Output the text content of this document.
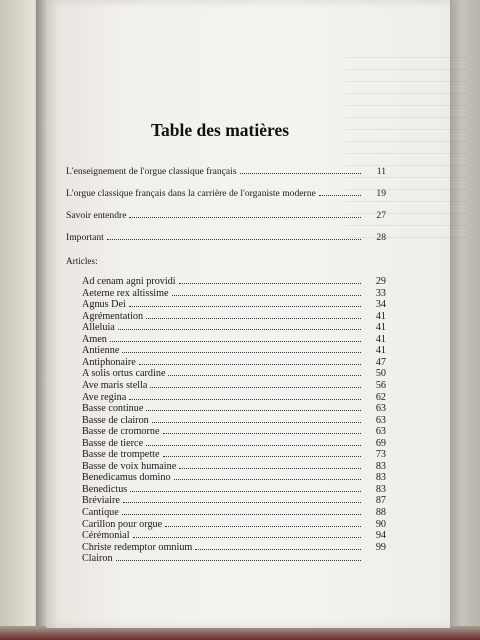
Table des matières
L'enseignement de l'orgue classique français	11
L'orgue classique français dans la carrière de l'organiste moderne	19
Savoir entendre	27
Important	28
Articles:
Ad cenam agni providi	29
Aeterne rex altissime	33
Agnus Dei	34
Agrémentation	41
Alleluia	41
Amen	41
Antienne	41
Antiphonaire	47
A solis ortus cardine	50
Ave maris stella	56
Ave regina	62
Basse continue	63
Basse de clairon	63
Basse de cromorne	63
Basse de tierce	69
Basse de trompette	73
Basse de voix humaine	83
Benedicamus domino	83
Benedictus	83
Bréviaire	87
Cantique	88
Carillon pour orgue	90
Cérémonial	94
Christe redemptor omnium	99
Clairon
